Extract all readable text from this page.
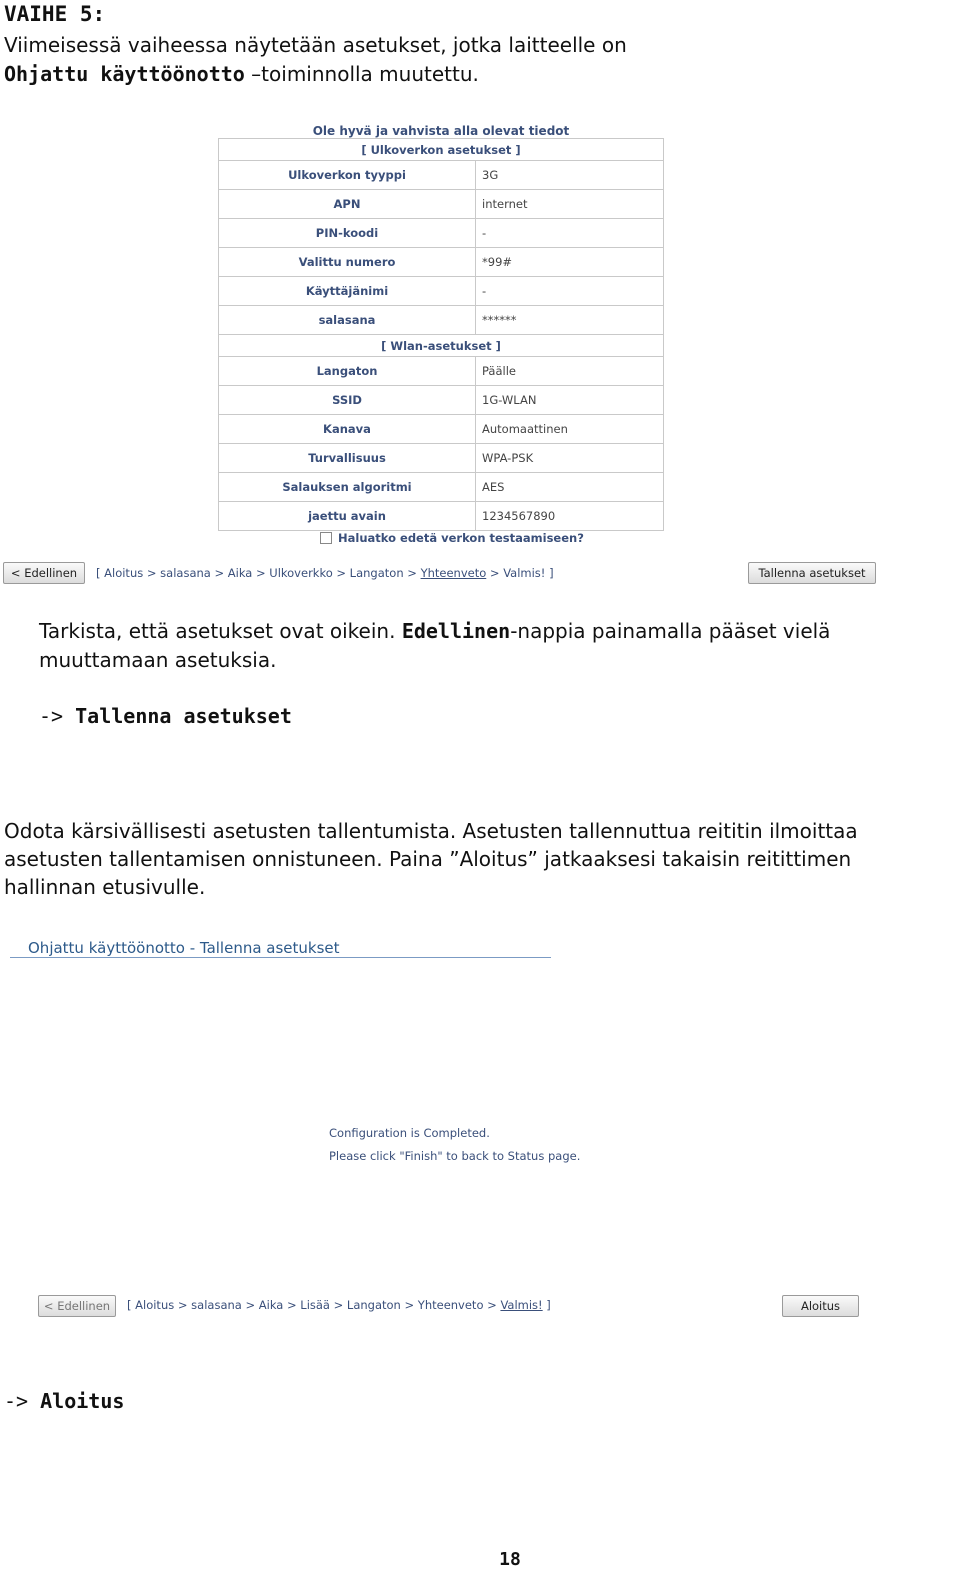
VAIHE 5:
Viimeisessä vaiheessa näytetään asetukset, jotka laitteelle on
Ohjattu käyttöönotto –toiminnolla muutettu.
Ole hyvä ja vahvista alla olevat tiedot
[ Ulkoverkon asetukset ]	
Ulkoverkon tyyppi	3G
APN	internet
PIN-koodi	-
Valittu numero	*99#
Käyttäjänimi	-
salasana	******
[ Wlan-asetukset ]	
Langaton	Päälle
SSID	1G-WLAN
Kanava	Automaattinen
Turvallisuus	WPA-PSK
Salauksen algoritmi	AES
jaettu avain	1234567890
Haluatko edetä verkon testaamiseen?
< Edellinen	[ Aloitus > salasana > Aika > Ulkoverkko > Langaton > Yhteenveto > Valmis! ]	Tallenna asetukset
Tarkista, että asetukset ovat oikein. Edellinen-nappia painamalla pääset vielä
muuttamaan asetuksia.
-> Tallenna asetukset
Odota kärsivällisesti asetusten tallentumista. Asetusten tallennuttua reititin ilmoittaa
asetusten tallentamisen onnistuneen. Paina ”Aloitus” jatkaaksesi takaisin reitittimen
hallinnan etusivulle.
Ohjattu käyttöönotto - Tallenna asetukset
Configuration is Completed.
Please click "Finish" to back to Status page.
< Edellinen	[ Aloitus > salasana > Aika > Lisää > Langaton > Yhteenveto > Valmis! ]	Aloitus
-> Aloitus
18
